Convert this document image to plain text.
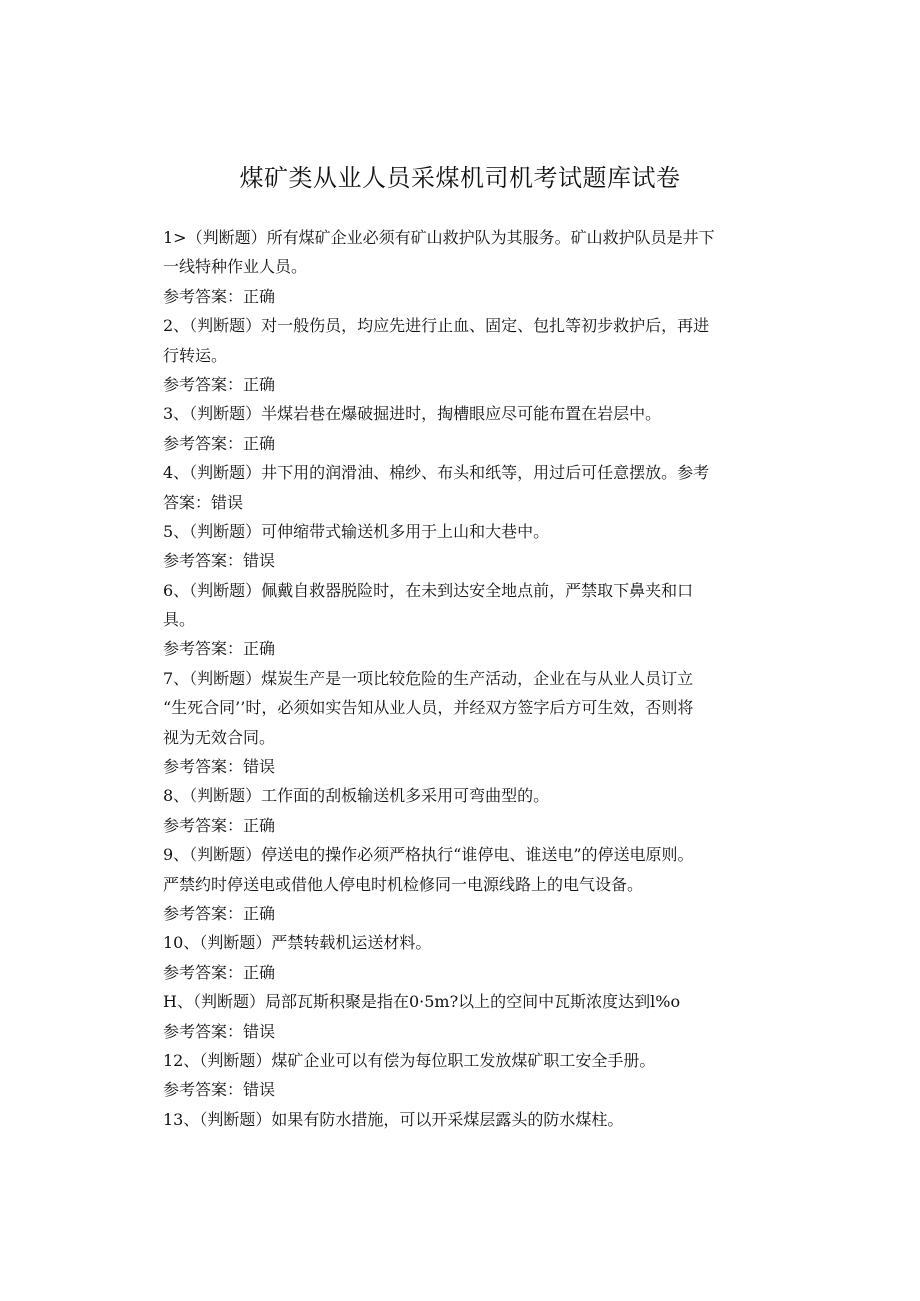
煤矿类从业人员采煤机司机考试题库试卷
1>（判断题）所有煤矿企业必须有矿山救护队为其服务。矿山救护队员是井下
一线特种作业人员。
参考答案：正确
2、（判断题）对一般伤员，均应先进行止血、固定、包扎等初步救护后，再进
行转运。
参考答案：正确
3、（判断题）半煤岩巷在爆破掘进时，掏槽眼应尽可能布置在岩层中。
参考答案：正确
4、（判断题）井下用的润滑油、棉纱、布头和纸等，用过后可任意摆放。参考
答案：错误
5、（判断题）可伸缩带式输送机多用于上山和大巷中。
参考答案：错误
6、（判断题）佩戴自救器脱险时，在未到达安全地点前，严禁取下鼻夹和口
具。
参考答案：正确
7、（判断题）煤炭生产是一项比较危险的生产活动，企业在与从业人员订立
“生死合同’’时，必须如实告知从业人员，并经双方签字后方可生效，否则将
视为无效合同。
参考答案：错误
8、（判断题）工作面的刮板输送机多采用可弯曲型的。
参考答案：正确
9、（判断题）停送电的操作必须严格执行“谁停电、谁送电”的停送电原则。
严禁约时停送电或借他人停电时机检修同一电源线路上的电气设备。
参考答案：正确
10、（判断题）严禁转载机运送材料。
参考答案：正确
H、（判断题）局部瓦斯积聚是指在0·5m?以上的空间中瓦斯浓度达到l%o
参考答案：错误
12、（判断题）煤矿企业可以有偿为每位职工发放煤矿职工安全手册。
参考答案：错误
13、（判断题）如果有防水措施，可以开采煤层露头的防水煤柱。
